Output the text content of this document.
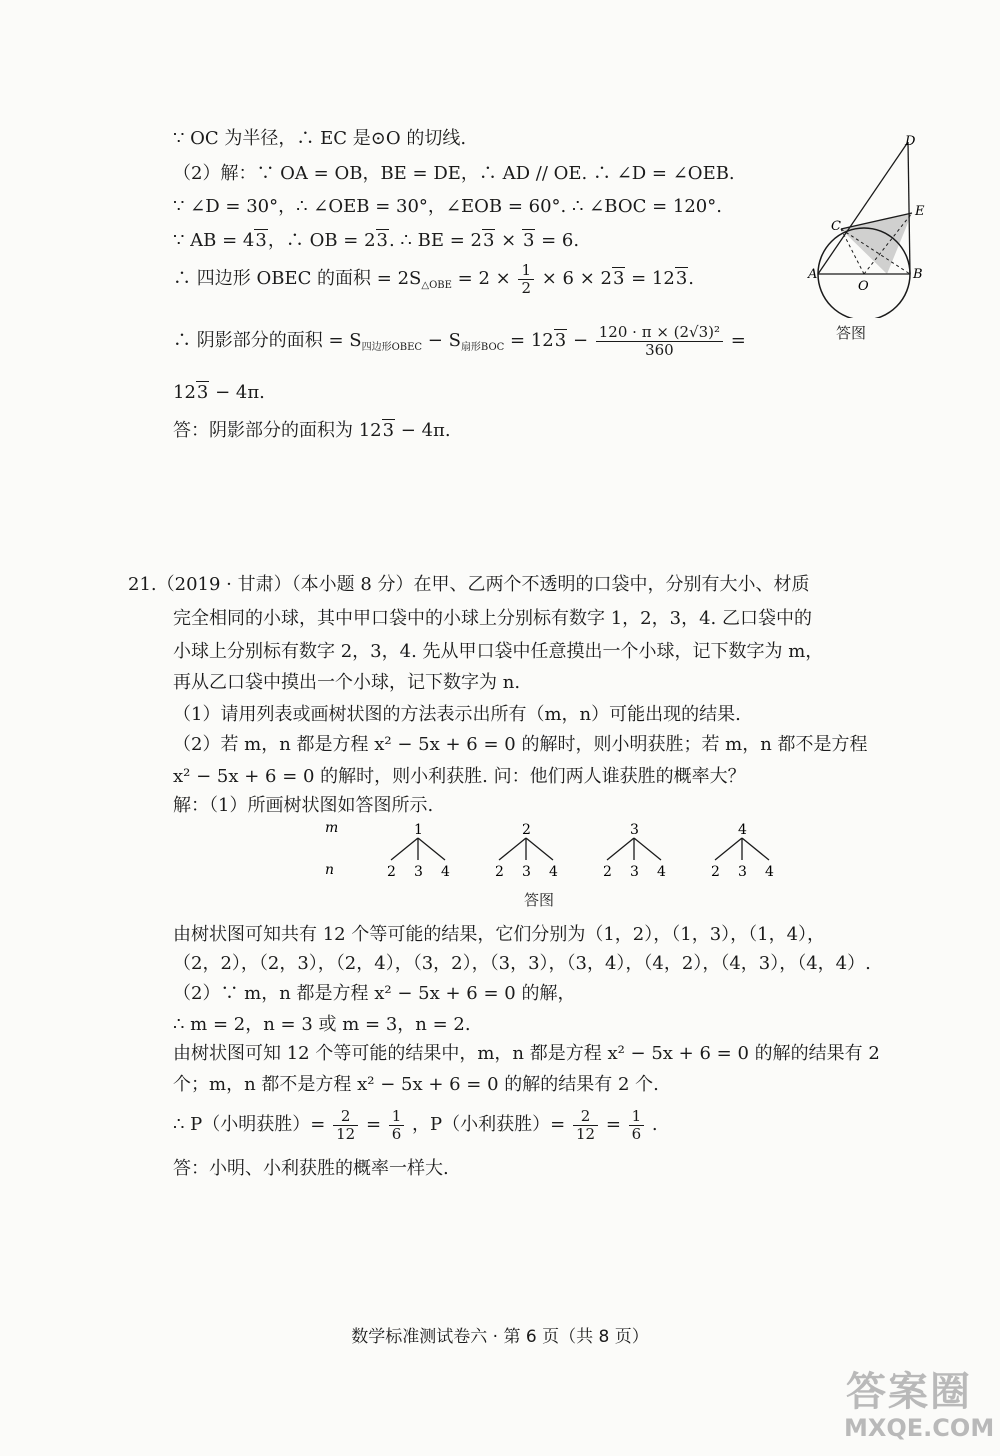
∵ OC 为半径，∴ EC 是⊙O 的切线.
（2）解：∵ OA = OB，BE = DE，∴ AD // OE. ∴ ∠D = ∠OEB.
∵ ∠D = 30°，∴ ∠OEB = 30°，∠EOB = 60°. ∴ ∠BOC = 120°.
∵ AB = 43，∴ OB = 23. ∴ BE = 23 × 3 = 6.
∴ 四边形 OBEC 的面积 = $2S_{\triangle OBE} = 2 \times \frac{1}{2} \times 6 \times 23 = 123$.
∴ 阴影部分的面积 = $S_{四边形OBEC} - S_{扇形BOC} = 123 - \frac{\text{120 · π × (2√3)²}}{360}$ =
123 − 4π.
答：阴影部分的面积为 123 − 4π.
D
C
E
A
O
B
答图
21.（2019 · 甘肃）（本小题 8 分）在甲、乙两个不透明的口袋中，分别有大小、材质
完全相同的小球，其中甲口袋中的小球上分别标有数字 1，2，3，4. 乙口袋中的
小球上分别标有数字 2，3，4. 先从甲口袋中任意摸出一个小球，记下数字为 m，
再从乙口袋中摸出一个小球，记下数字为 n.
（1）请用列表或画树状图的方法表示出所有（m，n）可能出现的结果.
（2）若 m，n 都是方程 x² − 5x + 6 = 0 的解时，则小明获胜；若 m，n 都不是方程
x² − 5x + 6 = 0 的解时，则小利获胜. 问：他们两人谁获胜的概率大？
解：（1）所画树状图如答图所示.
m
n
1
2 3 4
2
2 3 4
3
2 3 4
4
2 3 4
答图
由树状图可知共有 12 个等可能的结果，它们分别为（1，2），（1，3），（1，4），
（2，2），（2，3），（2，4），（3，2），（3，3），（3，4），（4，2），（4，3），（4，4）.
（2）∵ m，n 都是方程 x² − 5x + 6 = 0 的解，
∴ m = 2，n = 3 或 m = 3，n = 2.
由树状图可知 12 个等可能的结果中，m，n 都是方程 x² − 5x + 6 = 0 的解的结果有 2
个；m，n 都不是方程 x² − 5x + 6 = 0 的解的结果有 2 个.
∴ P（小明获胜）= $\frac{2}{12} = \frac{1}{6}$ ，P（小利获胜）= $\frac{2}{12} = \frac{1}{6}$ .
答：小明、小利获胜的概率一样大.
数学标准测试卷六 · 第 6 页（共 8 页）
答案圈
MXQE.COM
